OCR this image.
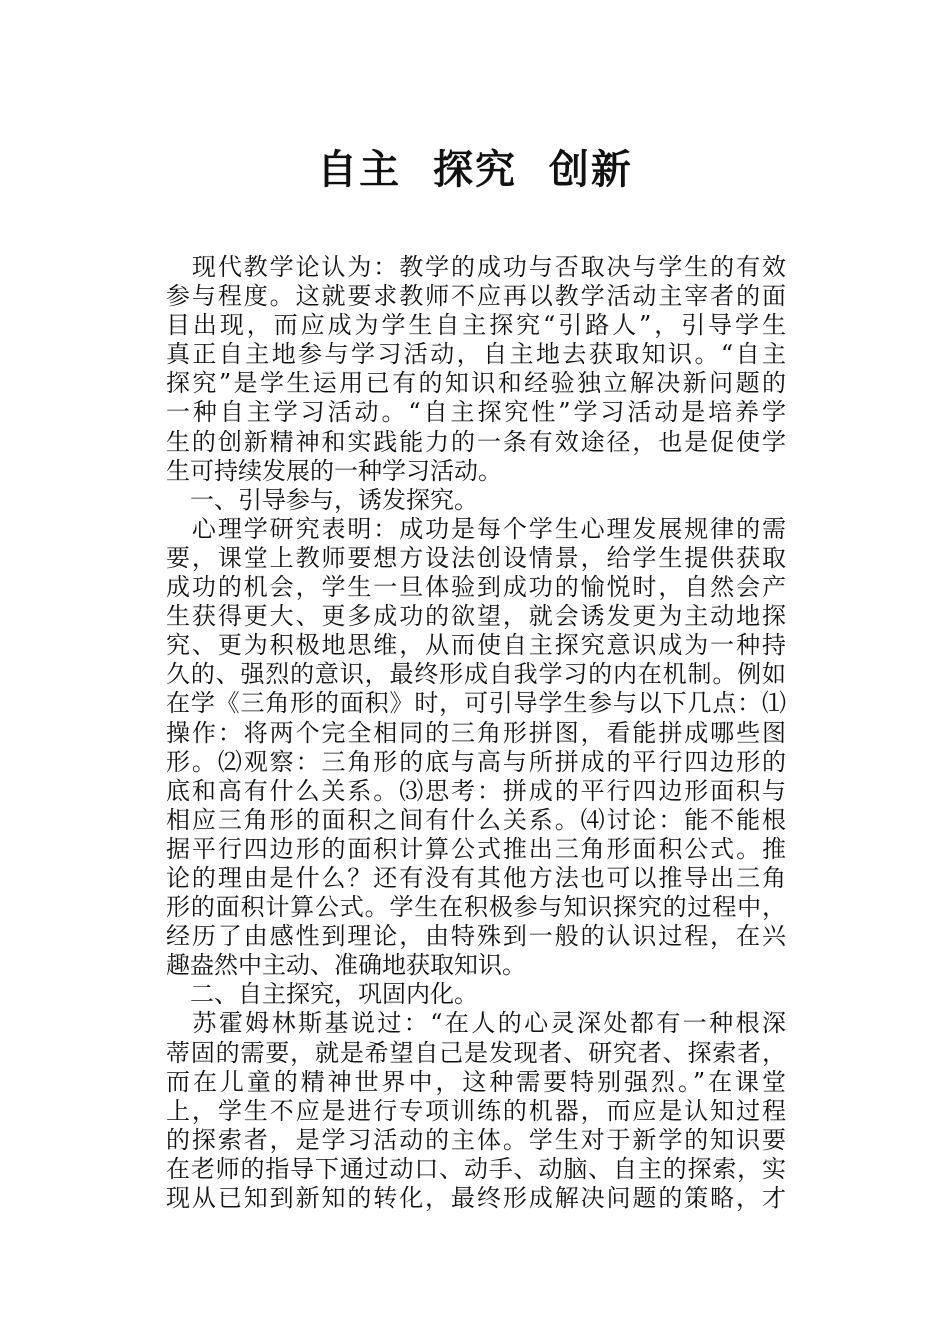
自主  探究  创新
　现代教学论认为：教学的成功与否取决与学生的有效
参与程度。这就要求教师不应再以教学活动主宰者的面
目出现，而应成为学生自主探究“引路人”，引导学生
真正自主地参与学习活动，自主地去获取知识。“自主
探究”是学生运用已有的知识和经验独立解决新问题的
一种自主学习活动。“自主探究性”学习活动是培养学
生的创新精神和实践能力的一条有效途径，也是促使学
生可持续发展的一种学习活动。
　一、引导参与，诱发探究。
　心理学研究表明：成功是每个学生心理发展规律的需
要，课堂上教师要想方设法创设情景，给学生提供获取
成功的机会，学生一旦体验到成功的愉悦时，自然会产
生获得更大、更多成功的欲望，就会诱发更为主动地探
究、更为积极地思维，从而使自主探究意识成为一种持
久的、强烈的意识，最终形成自我学习的内在机制。例如
在学《三角形的面积》时，可引导学生参与以下几点：⑴
操作：将两个完全相同的三角形拼图，看能拼成哪些图
形。⑵观察：三角形的底与高与所拼成的平行四边形的
底和高有什么关系。⑶思考：拼成的平行四边形面积与
相应三角形的面积之间有什么关系。⑷讨论：能不能根
据平行四边形的面积计算公式推出三角形面积公式。推
论的理由是什么？还有没有其他方法也可以推导出三角
形的面积计算公式。学生在积极参与知识探究的过程中，
经历了由感性到理论，由特殊到一般的认识过程，在兴
趣盎然中主动、准确地获取知识。
　二、自主探究，巩固内化。
　苏霍姆林斯基说过：“在人的心灵深处都有一种根深
蒂固的需要，就是希望自己是发现者、研究者、探索者，
而在儿童的精神世界中，这种需要特别强烈。”在课堂
上，学生不应是进行专项训练的机器，而应是认知过程
的探索者，是学习活动的主体。学生对于新学的知识要
在老师的指导下通过动口、动手、动脑、自主的探索，实
现从已知到新知的转化，最终形成解决问题的策略，才
